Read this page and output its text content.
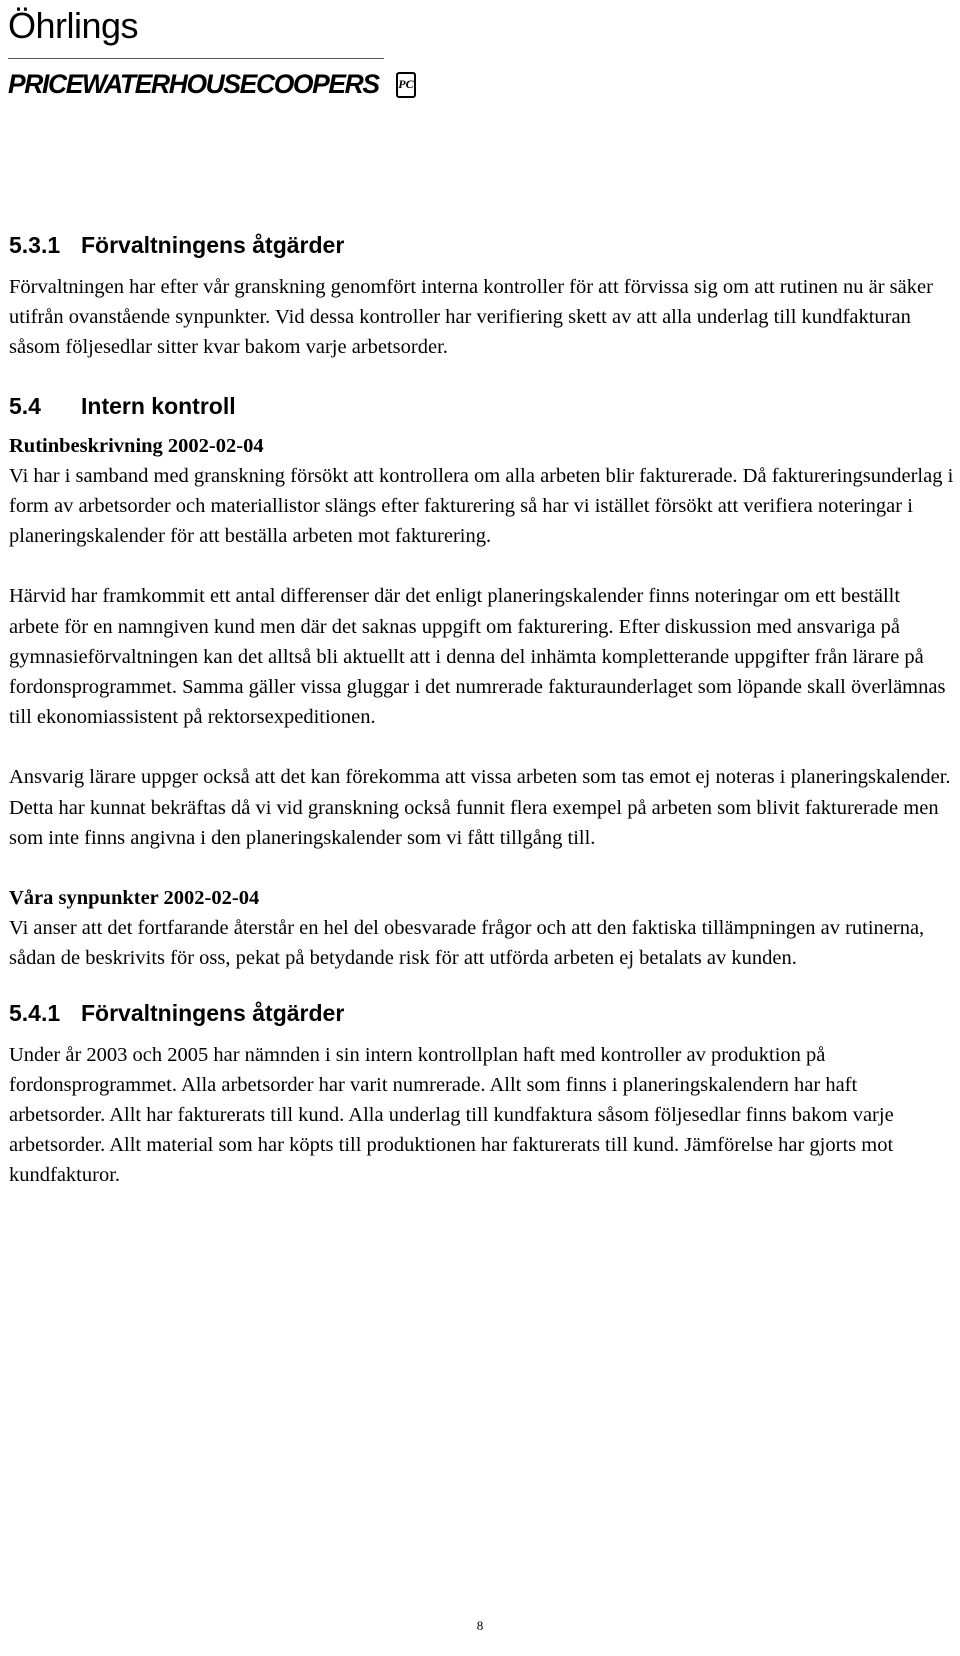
Öhrlings
PRICEWATERHOUSECOOPERS PC
5.3.1 Förvaltningens åtgärder

Förvaltningen har efter vår granskning genomfört interna kontroller för att förvissa sig om att rutinen nu är säker utifrån ovanstående synpunkter. Vid dessa kontroller har verifiering skett av att alla underlag till kundfakturan såsom följesedlar sitter kvar bakom varje arbetsorder.

5.4 Intern kontroll
Rutinbeskrivning 2002-02-04

Vi har i samband med granskning försökt att kontrollera om alla arbeten blir fakturerade. Då faktureringsunderlag i form av arbetsorder och materiallistor slängs efter fakturering så har vi istället försökt att verifiera noteringar i planeringskalender för att beställa arbeten mot fakturering.

Härvid har framkommit ett antal differenser där det enligt planeringskalender finns noteringar om ett beställt arbete för en namngiven kund men där det saknas uppgift om fakturering. Efter diskussion med ansvariga på gymnasieförvaltningen kan det alltså bli aktuellt att i denna del inhämta kompletterande uppgifter från lärare på fordonsprogrammet. Samma gäller vissa gluggar i det numrerade fakturaunderlaget som löpande skall överlämnas till ekonomiassistent på rektorsexpeditionen.

Ansvarig lärare uppger också att det kan förekomma att vissa arbeten som tas emot ej noteras i planeringskalender. Detta har kunnat bekräftas då vi vid granskning också funnit flera exempel på arbeten som blivit fakturerade men som inte finns angivna i den planeringskalender som vi fått tillgång till.

Våra synpunkter 2002-02-04

Vi anser att det fortfarande återstår en hel del obesvarade frågor och att den faktiska tillämpningen av rutinerna, sådan de beskrivits för oss, pekat på betydande risk för att utförda arbeten ej betalats av kunden.

5.4.1 Förvaltningens åtgärder

Under år 2003 och 2005 har nämnden i sin intern kontrollplan haft med kontroller av produktion på fordonsprogrammet. Alla arbetsorder har varit numrerade. Allt som finns i planeringskalendern har haft arbetsorder. Allt har fakturerats till kund. Alla underlag till kundfaktura såsom följesedlar finns bakom varje arbetsorder. Allt material som har köpts till produktionen har fakturerats till kund. Jämförelse har gjorts mot kundfakturor.

8
